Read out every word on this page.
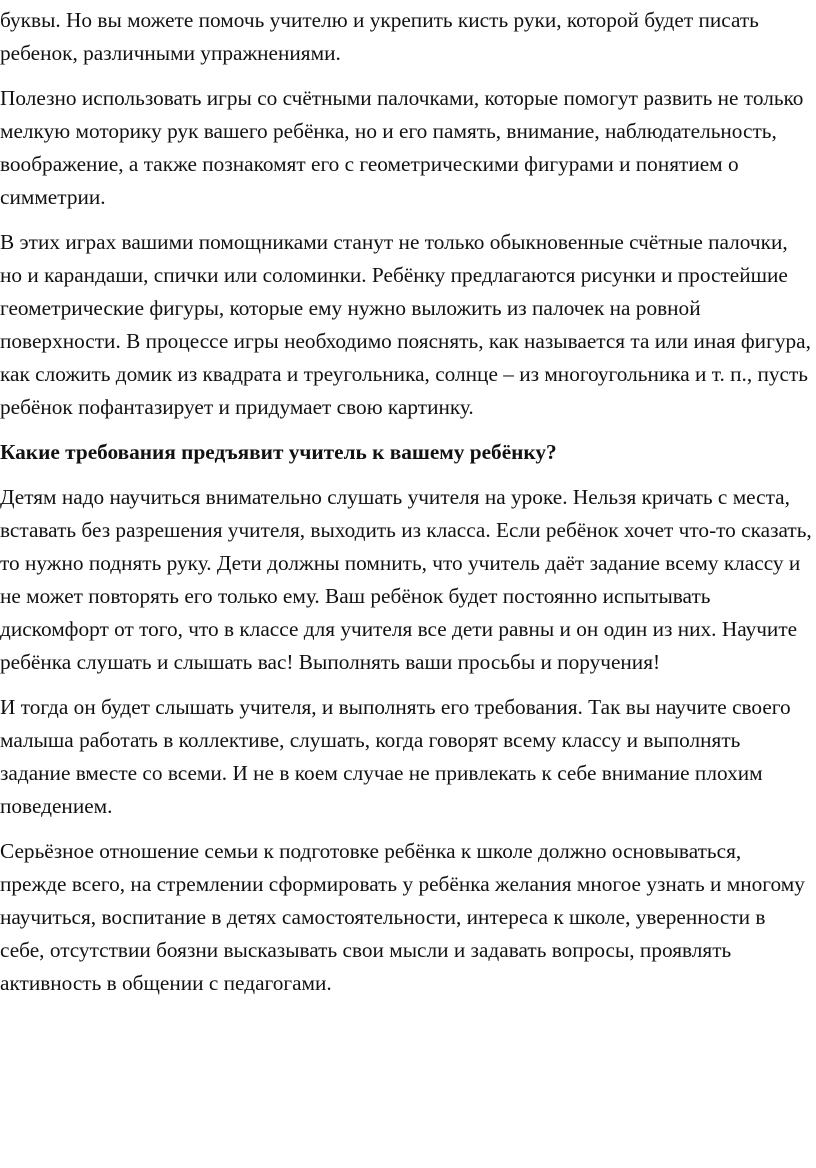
буквы. Но вы можете помочь учителю и укрепить кисть руки, которой будет писать ребенок, различными упражнениями.

Полезно использовать игры со счётными палочками, которые помогут развить не только мелкую моторику рук вашего ребёнка, но и его память, внимание, наблюдательность, воображение, а также познакомят его с геометрическими фигурами и понятием о симметрии.

В этих играх вашими помощниками станут не только обыкновенные счётные палочки, но и карандаши, спички или соломинки. Ребёнку предлагаются рисунки и простейшие геометрические фигуры, которые ему нужно выложить из палочек на ровной поверхности. В процессе игры необходимо пояснять, как называется та или иная фигура, как сложить домик из квадрата и треугольника, солнце – из многоугольника и т. п., пусть ребёнок пофантазирует и придумает свою картинку.

Какие требования предъявит учитель к вашему ребёнку?

Детям надо научиться внимательно слушать учителя на уроке. Нельзя кричать с места, вставать без разрешения учителя, выходить из класса. Если ребёнок хочет что-то сказать, то нужно поднять руку. Дети должны помнить, что учитель даёт задание всему классу и не может повторять его только ему. Ваш ребёнок будет постоянно испытывать дискомфорт от того, что в классе для учителя все дети равны и он один из них. Научите ребёнка слушать и слышать вас! Выполнять ваши просьбы и поручения!

И тогда он будет слышать учителя, и выполнять его требования. Так вы научите своего малыша работать в коллективе, слушать, когда говорят всему классу и выполнять задание вместе со всеми. И не в коем случае не привлекать к себе внимание плохим поведением.

Серьёзное отношение семьи к подготовке ребёнка к школе должно основываться, прежде всего, на стремлении сформировать у ребёнка желания многое узнать и многому научиться, воспитание в детях самостоятельности, интереса к школе, уверенности в себе, отсутствии боязни высказывать свои мысли и задавать вопросы, проявлять активность в общении с педагогами.
